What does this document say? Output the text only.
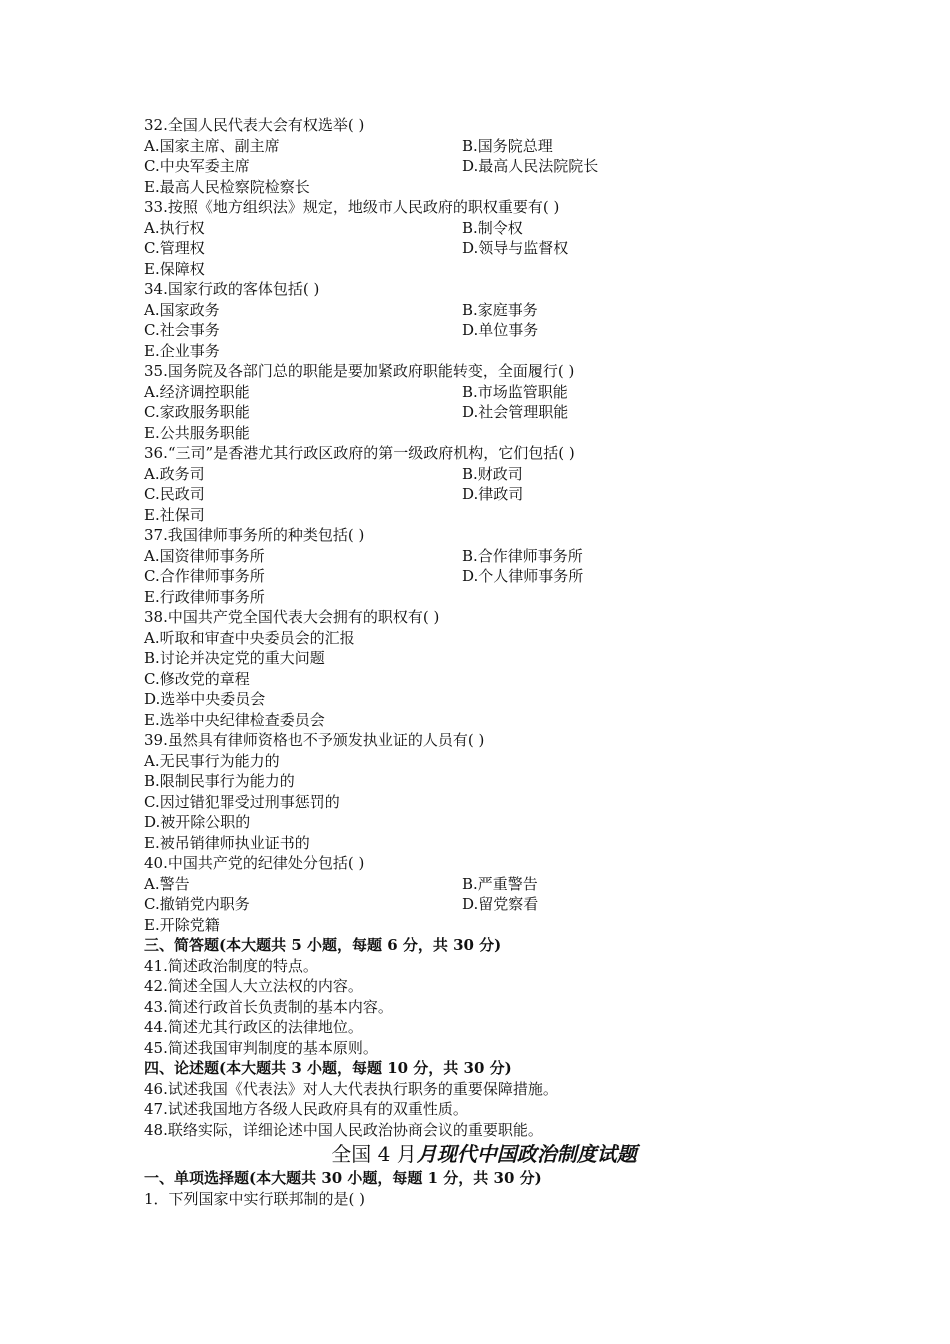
32.全国人民代表大会有权选举( )
A.国家主席、副主席	B.国务院总理
C.中央军委主席	D.最高人民法院院长
E.最高人民检察院检察长
33.按照《地方组织法》规定，地级市人民政府的职权重要有( )
A.执行权	B.制令权
C.管理权	D.领导与监督权
E.保障权
34.国家行政的客体包括( )
A.国家政务	B.家庭事务
C.社会事务	D.单位事务
E.企业事务
35.国务院及各部门总的职能是要加紧政府职能转变，全面履行( )
A.经济调控职能	B.市场监管职能
C.家政服务职能	D.社会管理职能
E.公共服务职能
36.“三司”是香港尤其行政区政府的第一级政府机构，它们包括( )
A.政务司	B.财政司
C.民政司	D.律政司
E.社保司
37.我国律师事务所的种类包括( )
A.国资律师事务所	B.合作律师事务所
C.合作律师事务所	D.个人律师事务所
E.行政律师事务所
38.中国共产党全国代表大会拥有的职权有( )
A.听取和审查中央委员会的汇报
B.讨论并决定党的重大问题
C.修改党的章程
D.选举中央委员会
E.选举中央纪律检查委员会
39.虽然具有律师资格也不予颁发执业证的人员有( )
A.无民事行为能力的
B.限制民事行为能力的
C.因过错犯罪受过刑事惩罚的
D.被开除公职的
E.被吊销律师执业证书的
40.中国共产党的纪律处分包括( )
A.警告	B.严重警告
C.撤销党内职务	D.留党察看
E.开除党籍
三、简答题(本大题共 5 小题，每题 6 分，共 30 分)
41.简述政治制度的特点。
42.简述全国人大立法权的内容。
43.简述行政首长负责制的基本内容。
44.简述尤其行政区的法律地位。
45.简述我国审判制度的基本原则。
四、论述题(本大题共 3 小题，每题 10 分，共 30 分)
46.试述我国《代表法》对人大代表执行职务的重要保障措施。
47.试述我国地方各级人民政府具有的双重性质。
48.联络实际，详细论述中国人民政治协商会议的重要职能。
全国 4 月月现代中国政治制度试题
一、单项选择题(本大题共 30 小题，每题 1 分，共 30 分)
1．下列国家中实行联邦制的是( )
